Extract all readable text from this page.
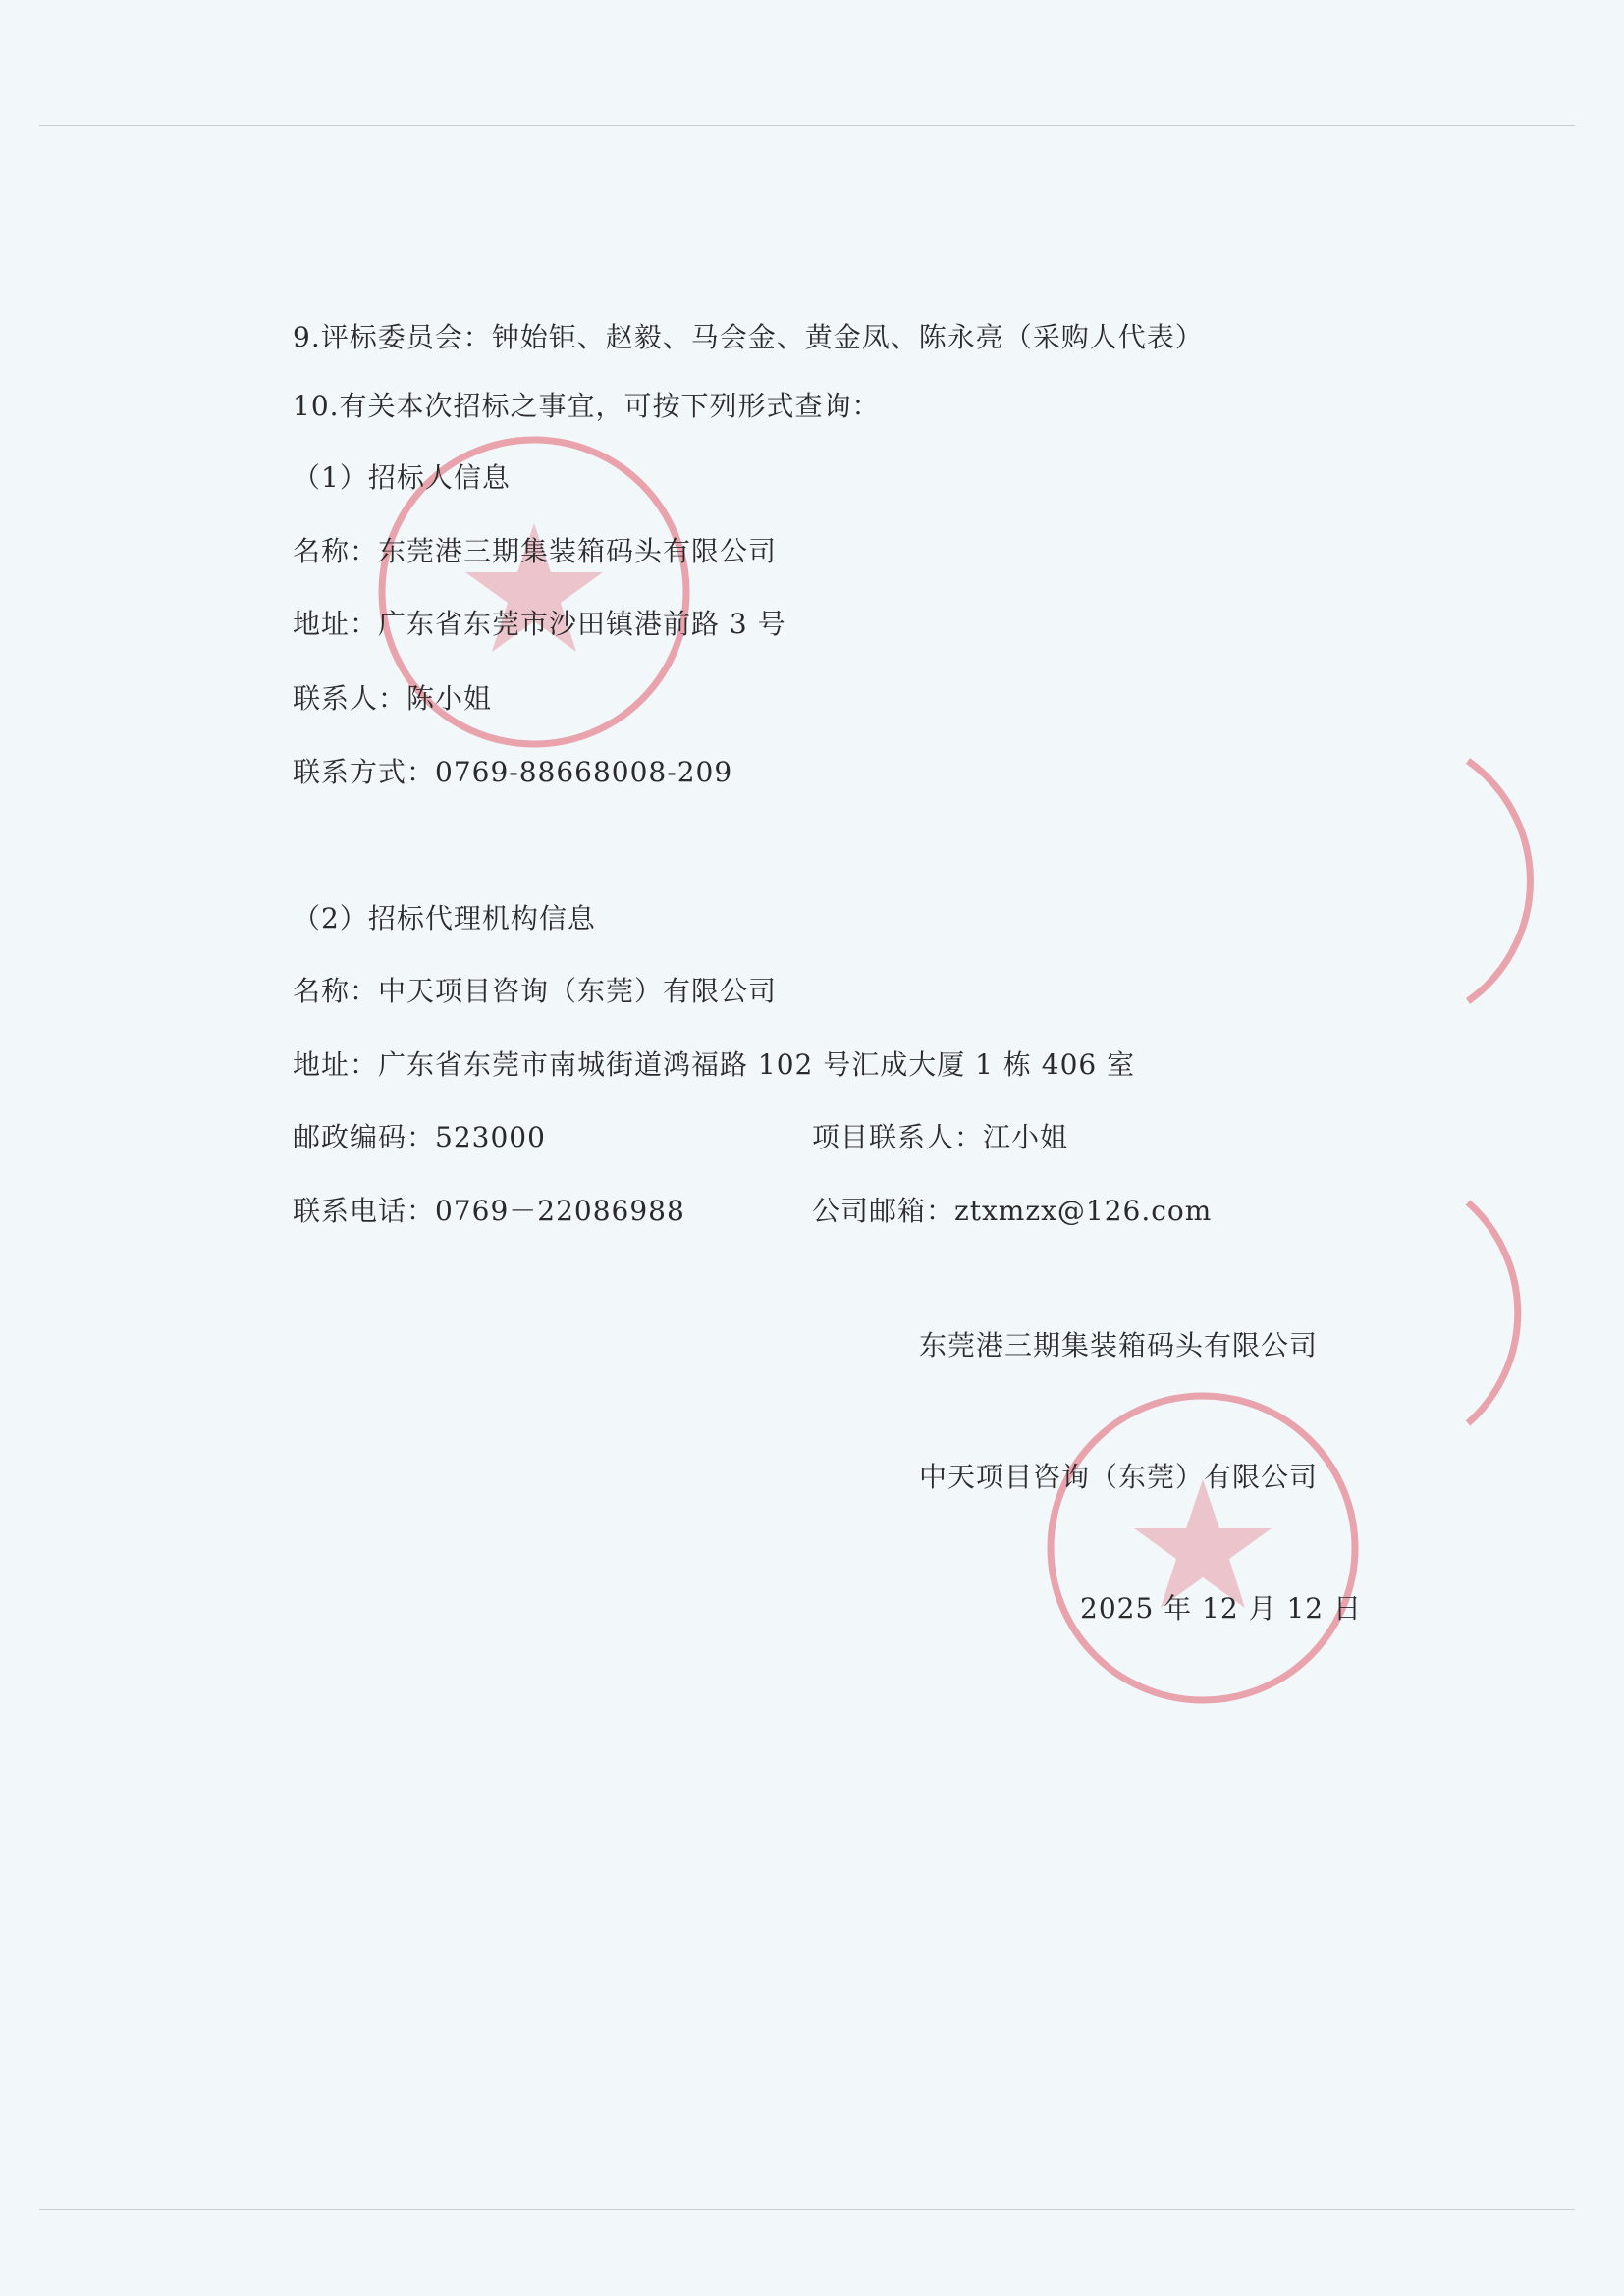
9.评标委员会：钟始钜、赵毅、马会金、黄金凤、陈永亮（采购人代表）
10.有关本次招标之事宜，可按下列形式查询：
（1）招标人信息
名称：东莞港三期集装箱码头有限公司
地址：广东省东莞市沙田镇港前路 3 号
联系人：陈小姐
联系方式：0769-88668008-209
（2）招标代理机构信息
名称：中天项目咨询（东莞）有限公司
地址：广东省东莞市南城街道鸿福路 102 号汇成大厦 1 栋 406 室
邮政编码：523000	项目联系人：江小姐
联系电话：0769－22086988	公司邮箱：ztxmzx@126.com
东莞港三期集装箱码头有限公司
中天项目咨询（东莞）有限公司
2025 年 12 月 12 日
